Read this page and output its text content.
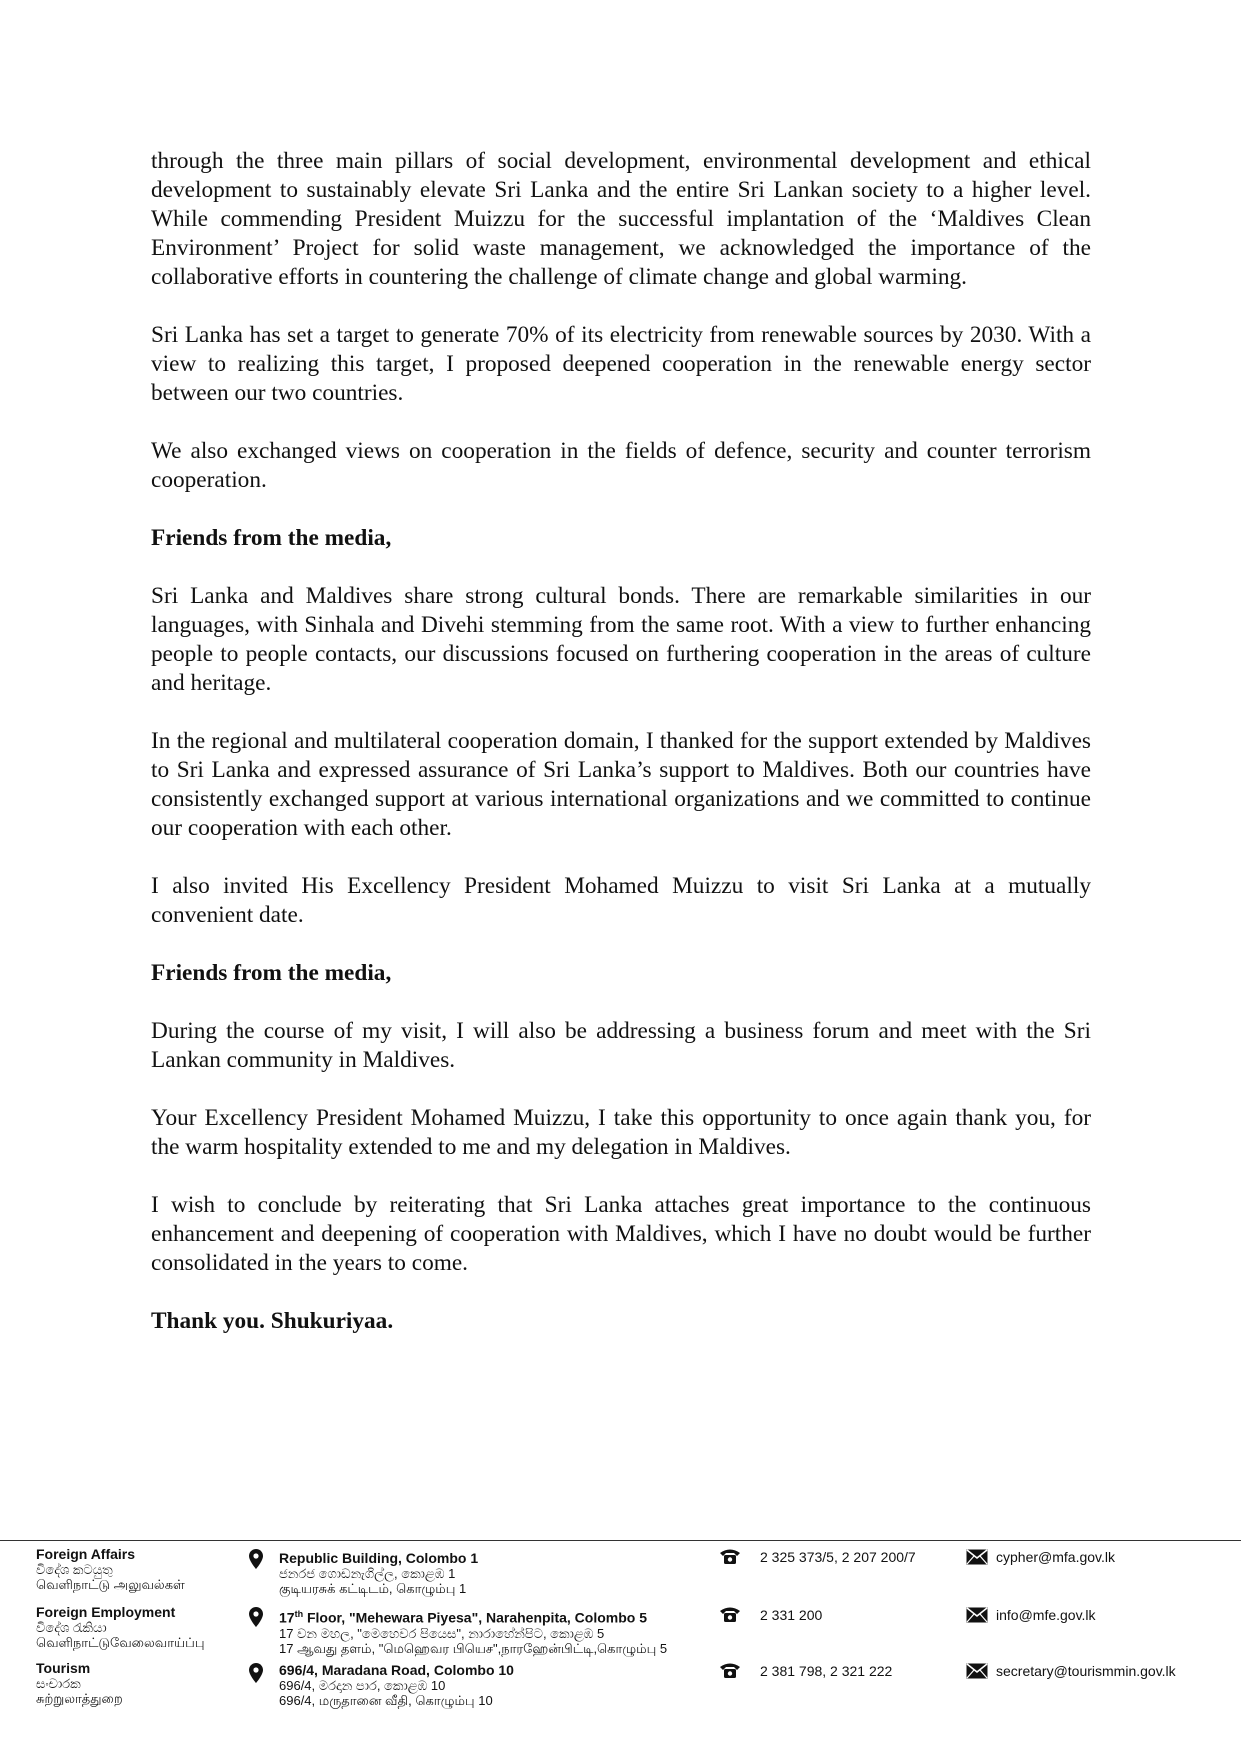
through the three main pillars of social development, environmental development and ethical development to sustainably elevate Sri Lanka and the entire Sri Lankan society to a higher level. While commending President Muizzu for the successful implantation of the ‘Maldives Clean Environment’ Project for solid waste management, we acknowledged the importance of the collaborative efforts in countering the challenge of climate change and global warming.

Sri Lanka has set a target to generate 70% of its electricity from renewable sources by 2030. With a view to realizing this target, I proposed deepened cooperation in the renewable energy sector between our two countries.

We also exchanged views on cooperation in the fields of defence, security and counter terrorism cooperation.

Friends from the media,

Sri Lanka and Maldives share strong cultural bonds. There are remarkable similarities in our languages, with Sinhala and Divehi stemming from the same root. With a view to further enhancing people to people contacts, our discussions focused on furthering cooperation in the areas of culture and heritage.

In the regional and multilateral cooperation domain, I thanked for the support extended by Maldives to Sri Lanka and expressed assurance of Sri Lanka’s support to Maldives. Both our countries have consistently exchanged support at various international organizations and we committed to continue our cooperation with each other.

I also invited His Excellency President Mohamed Muizzu to visit Sri Lanka at a mutually convenient date.

Friends from the media,

During the course of my visit, I will also be addressing a business forum and meet with the Sri Lankan community in Maldives.

Your Excellency President Mohamed Muizzu, I take this opportunity to once again thank you, for the warm hospitality extended to me and my delegation in Maldives.

I wish to conclude by reiterating that Sri Lanka attaches great importance to the continuous enhancement and deepening of cooperation with Maldives, which I have no doubt would be further consolidated in the years to come.

Thank you. Shukuriyaa.

Foreign Affairs
විදේශ කටයුතු
வெளிநாட்டு அலுவல்கள்
Republic Building, Colombo 1
ජනරජ ගොඩනැගිල්ල, කොළඹ 1
குடியரசுக் கட்டிடம், கொழும்பு 1
2 325 373/5, 2 207 200/7	cypher@mfa.gov.lk
Foreign Employment
විදේශ රැකියා
வெளிநாட்டுவேலைவாய்ப்பு
17th Floor, "Mehewara Piyesa", Narahenpita, Colombo 5
17 වන මහල, "මෙහෙවර පියෙස", නාරාහේන්පිට, කොළඹ 5
17 ஆவது தளம், "மெஹெவர பியெச",நாரஹேன்பிட்டி,கொழும்பு 5
2 331 200	info@mfe.gov.lk
Tourism
සංචාරක
சுற்றுலாத்துறை
696/4, Maradana Road, Colombo 10
696/4, මරදාන පාර, කොළඹ 10
696/4, மருதானை வீதி, கொழும்பு 10
2 381 798, 2 321 222	secretary@tourismmin.gov.lk
